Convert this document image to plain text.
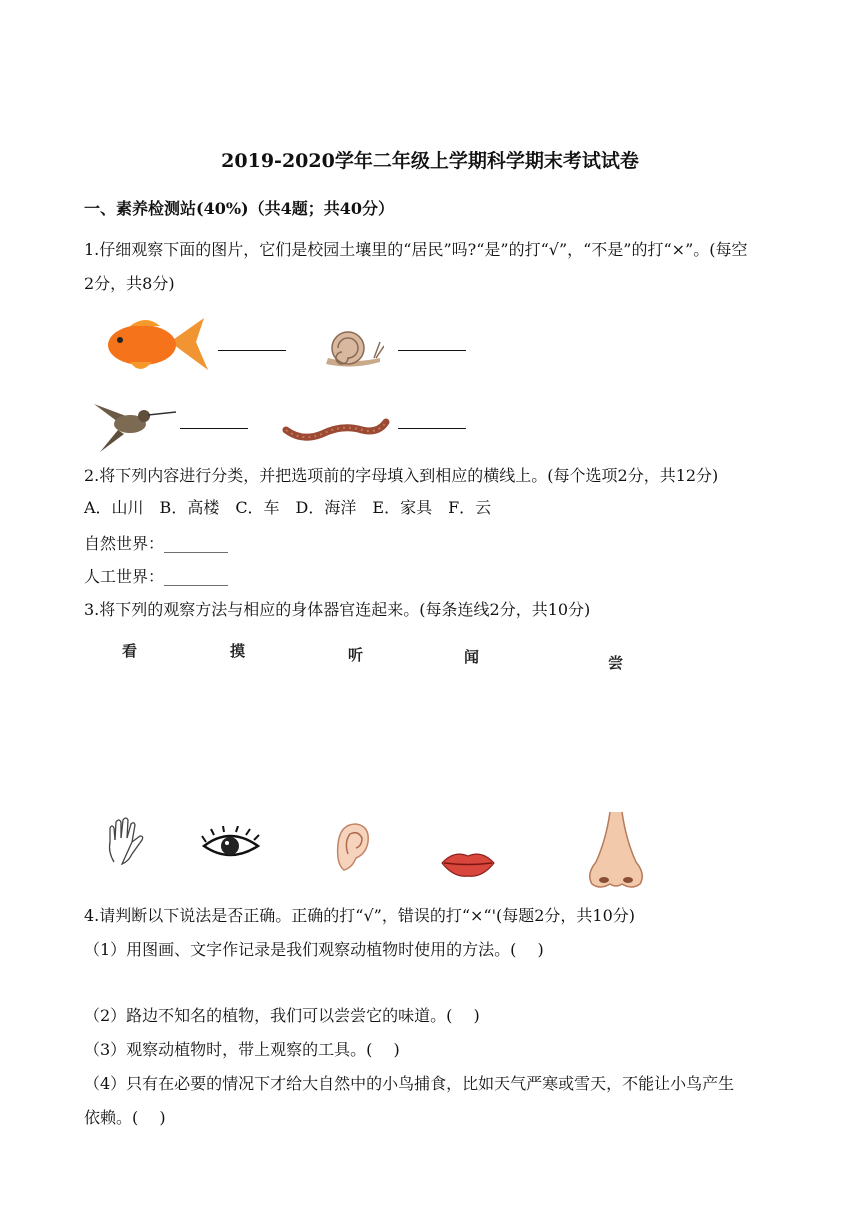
2019-2020学年二年级上学期科学期末考试试卷
一、素养检测站(40%)（共4题；共40分）
1.仔细观察下面的图片，它们是校园土壤里的“居民”吗?“是”的打“√”，“不是”的打“×”。(每空
2分，共8分)
2.将下列内容进行分类，并把选项前的字母填入到相应的横线上。(每个选项2分，共12分)
A．山川　B．高楼　C．车　D．海洋　E．家具　F．云
自然世界：________
人工世界：________
3.将下列的观察方法与相应的身体器官连起来。(每条连线2分，共10分)
看	摸	听	闻	尝
4.请判断以下说法是否正确。正确的打“√”，错误的打“×“'(每题2分，共10分)
（1）用图画、文字作记录是我们观察动植物时使用的方法。(　 )
（2）路边不知名的植物，我们可以尝尝它的味道。(　 )
（3）观察动植物时，带上观察的工具。(　 )
（4）只有在必要的情况下才给大自然中的小鸟捕食，比如天气严寒或雪天，不能让小鸟产生
依赖。(　 )
